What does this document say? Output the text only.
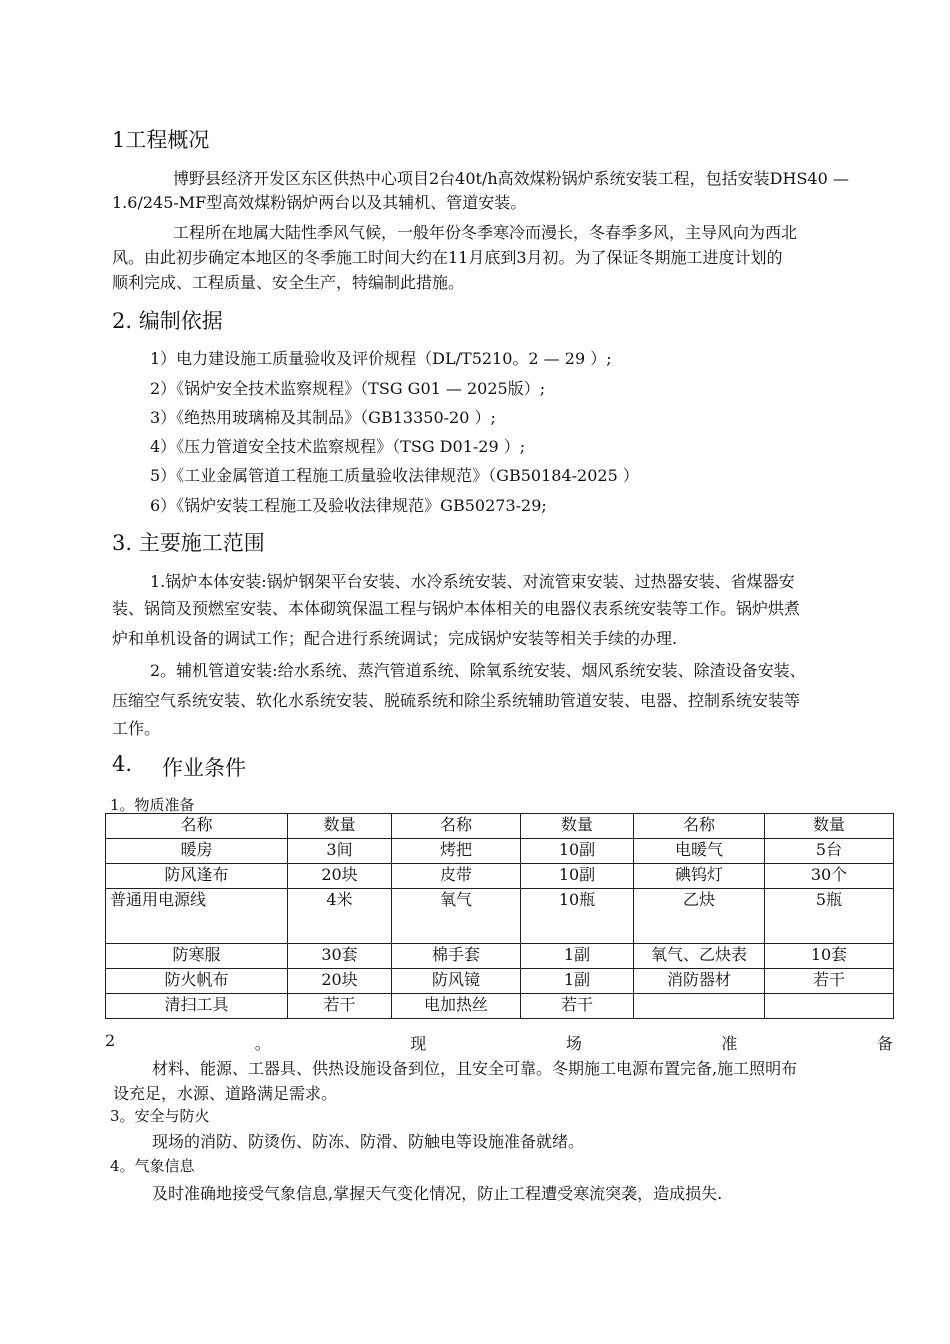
1工程概况
博野县经济开发区东区供热中心项目2台40t/h高效煤粉锅炉系统安装工程，包括安装DHS40 —
1.6/245-MF型高效煤粉锅炉两台以及其辅机、管道安装。
工程所在地属大陆性季风气候，一般年份冬季寒冷而漫长，冬春季多风，主导风向为西北
风。由此初步确定本地区的冬季施工时间大约在11月底到3月初。为了保证冬期施工进度计划的
顺利完成、工程质量、安全生产，特编制此措施。
2. 编制依据
1）电力建设施工质量验收及评价规程（DL/T5210。2 — 29 ）;
2）《锅炉安全技术监察规程》（TSG G01 — 2025版）;
3）《绝热用玻璃棉及其制品》（GB13350-20 ）;
4）《压力管道安全技术监察规程》（TSG D01-29 ）;
5）《工业金属管道工程施工质量验收法律规范》（GB50184-2025 ）
6）《锅炉安装工程施工及验收法律规范》GB50273-29;
3. 主要施工范围
1.锅炉本体安装:锅炉钢架平台安装、水冷系统安装、对流管束安装、过热器安装、省煤器安
装、锅筒及预燃室安装、本体砌筑保温工程与锅炉本体相关的电器仪表系统安装等工作。锅炉烘煮
炉和单机设备的调试工作；配合进行系统调试；完成锅炉安装等相关手续的办理.
2。辅机管道安装:给水系统、蒸汽管道系统、除氧系统安装、烟风系统安装、除渣设备安装、
压缩空气系统安装、软化水系统安装、脱硫系统和除尘系统辅助管道安装、电器、控制系统安装等
工作。
4. 作业条件
1。物质准备
名称	数量	名称	数量	名称	数量
暖房	3间	烤把	10副	电暖气	5台
防风逢布	20块	皮带	10副	碘钨灯	30个
普通用电源线	4米	氧气	10瓶	乙炔	5瓶
防寒服	30套	棉手套	1副	氧气、乙炔表	10套
防火帆布	20块	防风镜	1副	消防器材	若干
清扫工具	若干	电加热丝	若干		
2	。	现	场	准	备
材料、能源、工器具、供热设施设备到位，且安全可靠。冬期施工电源布置完备,施工照明布
设充足，水源、道路满足需求。
3。安全与防火
现场的消防、防烫伤、防冻、防滑、防触电等设施准备就绪。
4。气象信息
及时准确地接受气象信息,掌握天气变化情况，防止工程遭受寒流突袭，造成损失.
